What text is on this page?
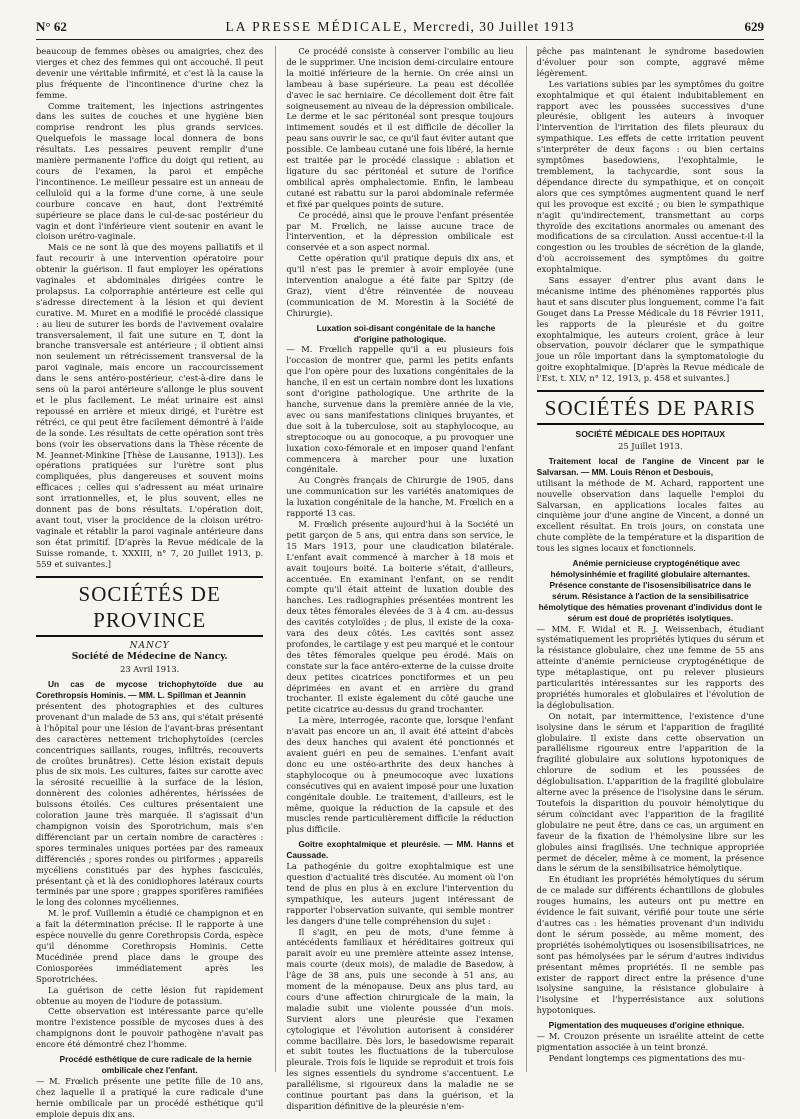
N° 62	LA PRESSE MÉDICALE, Mercredi, 30 Juillet 1913	629

beaucoup de femmes obèses ou amaigries, chez des vierges et chez des femmes qui ont accouché. Il peut devenir une véritable infirmité, et c'est là la cause la plus fréquente de l'incontinence d'urine chez la femme.

Comme traitement, les injections astringentes dans les suites de couches et une hygiène bien comprise rendront les plus grands services. Quelquefois le massage local donnera de bons résultats. Les pessaires peuvent remplir d'une manière permanente l'office du doigt qui retient, au cours de l'examen, la paroi et empêche l'incontinence. Le meilleur pessaire est un anneau de celluloïd qui a la forme d'une corne, à une seule courbure concave en haut, dont l'extrémité supérieure se place dans le cul-de-sac postérieur du vagin et dont l'inférieure vient soutenir en avant le cloison urétro-vaginale.

Mais ce ne sont là que des moyens palliatifs et il faut recourir à une intervention opératoire pour obtenir la guérison. Il faut employer les opérations vaginales et abdominales dirigées contre le prolapsus. La colporraphie antérieure est celle qui s'adresse directement à la lésion et qui devient curative. M. Muret en a modifié le procédé classique : au lieu de suturer les bords de l'avivement ovalaire transversalement, il fait une suture en T, dont la branche transversale est antérieure ; il obtient ainsi non seulement un rétrécissement transversal de la paroi vaginale, mais encore un raccourcissement dans le sens antéro-postérieur, c'est-à-dire dans le sens où la paroi antérieure s'allonge le plus souvent et le plus facilement. Le méat urinaire est ainsi repoussé en arrière et mieux dirigé, et l'urètre est rétréci, ce qui peut être facilement démontré à l'aide de la sonde. Les résultats de cette opération sont très bons (voir les observations dans la Thèse récente de M. Jeannet-Minkine [Thèse de Lausanne, 1913]). Les opérations pratiquées sur l'urètre sont plus compliquées, plus dangereuses et souvent moins efficaces ; celles qui s'adressent au méat urinaire sont irrationnelles, et, le plus souvent, elles ne donnent pas de bons résultats. L'opération doit, avant tout, viser la procidence de la cloison urétro-vaginale et rétablir la paroi vaginale antérieure dans son état primitif. [D'après la Revue médicale de la Suisse romande, t. XXXIII, n° 7, 20 Juillet 1913, p. 559 et suivantes.]

SOCIÉTÉS DE PROVINCE
NANCY
Société de Médecine de Nancy.
23 Avril 1913.

Un cas de mycose trichophytoïde due au Corethropsis Hominis. — MM. L. Spillman et Jeannin

présentent des photographies et des cultures provenant d'un malade de 53 ans, qui s'était présenté à l'hôpital pour une lésion de l'avant-bras présentant des caractères nettement trichophytoïdes (cercles concentriques saillants, rouges, infiltrés, recouverts de croûtes brunâtres). Cette lésion existait depuis plus de six mois. Les cultures, faites sur carotte avec la sérosité recueillie à la surface de la lésion, donnèrent des colonies adhérentes, hérissées de buissons étoilés. Ces cultures présentaient une coloration jaune très marquée. Il s'agissait d'un champignon voisin des Sporotrichum, mais s'en différenciant par un certain nombre de caractères : spores terminales uniques portées par des rameaux différenciés ; spores rondes ou piriformes ; appareils mycéliens constitués par des hyphes fasciculés, présentant çà et là des conidiophores latéraux courts terminés par une spore ; grappes sporifères ramifiées le long des colonnes mycéliennes.

M. le prof. Vuillemin a étudié ce champignon et en a fait la détermination précise. Il le rapporte à une espèce nouvelle du genre Corethropsis Corda, espèce qu'il dénomme Corethropsis Hominis. Cette Mucédinée prend place dans le groupe des Coniosporées immédiatement après les Sporotrichées.

La guérison de cette lésion fut rapidement obtenue au moyen de l'iodure de potassium.

Cette observation est intéressante parce qu'elle montre l'existence possible de mycoses dues à des champignons dont le pouvoir pathogène n'avait pas encore été démontré chez l'homme.

Procédé esthétique de cure radicale de la hernie ombilicale chez l'enfant.

— M. Frœlich présente une petite fille de 10 ans, chez laquelle il a pratiqué la cure radicale d'une hernie ombilicale par un procédé esthétique qu'il emploie depuis dix ans.

Ce procédé consiste à conserver l'ombilic au lieu de le supprimer. Une incision demi-circulaire entoure la moitié inférieure de la hernie. On crée ainsi un lambeau à base supérieure. La peau est décollée d'avec le sac herniaire. Ce décollement doit être fait soigneusement au niveau de la dépression ombilicale. Le derme et le sac péritonéal sont presque toujours intimement soudés et il est difficile de décoller la peau sans ouvrir le sac, ce qu'il faut éviter autant que possible. Ce lambeau cutané une fois libéré, la hernie est traitée par le procédé classique : ablation et ligature du sac péritonéal et suture de l'orifice ombilical après omphalectomie. Enfin, le lambeau cutané est rabattu sur la paroi abdominale refermée et fixé par quelques points de suture.

Ce procédé, ainsi que le prouve l'enfant présentée par M. Frœlich, ne laisse aucune trace de l'intervention, et la dépression ombilicale est conservée et a son aspect normal.

Cette opération qu'il pratique depuis dix ans, et qu'il n'est pas le premier à avoir employée (une intervention analogue a été faite par Spitzy (de Graz), vient d'être réinventée de nouveau (communication de M. Morestin à la Société de Chirurgie).

Luxation soi-disant congénitale de la hanche d'origine pathologique.

— M. Frœlich rappelle qu'il a eu plusieurs fois l'occasion de montrer que, parmi les petits enfants que l'on opère pour des luxations congénitales de la hanche, il en est un certain nombre dont les luxations sont d'origine pathologique. Une arthrite de la hanche, survenue dans la première année de la vie, avec ou sans manifestations cliniques bruyantes, et due soit à la tuberculose, soit au staphylocoque, au streptocoque ou au gonocoque, a pu provoquer une luxation coxo-fémorale et en imposer quand l'enfant commencera à marcher pour une luxation congénitale.

Au Congrès français de Chirurgie de 1905, dans une communication sur les variétés anatomiques de la luxation congénitale de la hanche, M. Frœlich en a rapporté 13 cas.

M. Frœlich présente aujourd'hui à la Société un petit garçon de 5 ans, qui entra dans son service, le 15 Mars 1913, pour une claudication bilatérale. L'enfant avait commencé à marcher à 18 mois et avait toujours boité. La boiterie s'était, d'ailleurs, accentuée. En examinant l'enfant, on se rendit compte qu'il était atteint de luxation double des hanches. Les radiographies présentées montrent les deux têtes fémorales élevées de 3 à 4 cm. au-dessus des cavités cotyloïdes ; de plus, il existe de la coxa-vara des deux côtés. Les cavités sont assez profondes, le cartilage y est peu marqué et le contour des têtes fémorales quelque peu érodé. Mais on constate sur la face antéro-externe de la cuisse droite deux petites cicatrices ponctiformes et un peu déprimées en avant et en arrière du grand trochanter. Il existe également du côté gauche une petite cicatrice au-dessus du grand trochanter.

La mère, interrogée, raconte que, lorsque l'enfant n'avait pas encore un an, il avait été atteint d'abcès des deux hanches qui avaient été ponctionnés et avaient guéri en peu de semaines. L'enfant avait donc eu une ostéo-arthrite des deux hanches à staphylocoque ou à pneumocoque avec luxations consécutives qui en avaient imposé pour une luxation congénitale double. Le traitement, d'ailleurs, est le même, quoique la réduction de la capsule et des muscles rende particulièrement difficile la réduction plus difficile.

Goitre exophtalmique et pleurésie. — MM. Hanns et Caussade.

La pathogénie du goitre exophtalmique est une question d'actualité très discutée. Au moment où l'on tend de plus en plus à en exclure l'intervention du sympathique, les auteurs jugent intéressant de rapporter l'observation suivante, qui semble montrer les dangers d'une telle compréhension du sujet :

Il s'agit, en peu de mots, d'une femme à antécédents familiaux et héréditaires goitreux qui parait avoir eu une première atteinte assez intense, mais courte (deux mois), de maladie de Basedow, à l'âge de 38 ans, puis une seconde à 51 ans, au moment de la ménopause. Deux ans plus tard, au cours d'une affection chirurgicale de la main, la maladie subit une violente poussée d'un mois. Survient alors une pleurésie que l'examen cytologique et l'évolution autorisent à considérer comme bacillaire. Dès lors, le basedowisme reparait et subit toutes les fluctuations de la tuberculose pleurale. Trois fois le liquide se reproduit et trois fois les signes essentiels du syndrome s'accentuent. Le parallélisme, si rigoureux dans la maladie ne se continue pourtant pas dans la guérison, et la disparition définitive de la pleurésie n'em-

pêche pas maintenant le syndrome basedowien d'évoluer pour son compte, aggravé même légèrement.

Les variations subies par les symptômes du goitre exophtalmique et qui étaient indubitablement en rapport avec les poussées successives d'une pleurésie, obligent les auteurs à invoquer l'intervention de l'irritation des filets pleuraux du sympathique. Les effets de cette irritation peuvent s'interpréter de deux façons : ou bien certains symptômes basedowiens, l'exophtalmie, le tremblement, la tachycardie, sont sous la dépendance directe du sympathique, et on conçoit alors que ces symptômes augmentent quand le nerf qui les provoque est excité ; ou bien le sympathique n'agit qu'indirectement, transmettant au corps thyroïde des excitations anormales ou amenant des modifications de sa circulation. Aussi accentue-t-il la congestion ou les troubles de sécrétion de la glande, d'où accroissement des symptômes du goitre exophtalmique.

Sans essayer d'entrer plus avant dans le mécanisme intime des phénomènes rapportés plus haut et sans discuter plus longuement, comme l'a fait Gouget dans La Presse Médicale du 18 Février 1911, les rapports de la pleurésie et du goitre exophtalmique, les auteurs croient, grâce à leur observation, pouvoir déclarer que le sympathique joue un rôle important dans la symptomatologie du goitre exophtalmique. [D'après la Revue médicale de l'Est, t. XLV, n° 12, 1913, p. 458 et suivantes.]

SOCIÉTÉS DE PARIS
SOCIÉTÉ MÉDICALE DES HOPITAUX
25 Juillet 1913.

Traitement local de l'angine de Vincent par le Salvarsan. — MM. Louis Rénon et Desbouis,

utilisant la méthode de M. Achard, rapportent une nouvelle observation dans laquelle l'emploi du Salvarsan, en applications locales faites au cinquième jour d'une angine de Vincent, a donné un excellent résultat. En trois jours, on constata une chute complète de la température et la disparition de tous les signes locaux et fonctionnels.

Anémie pernicieuse cryptogénétique avec hémolysinhémie et fragilité globulaire alternantes. Présence constante de l'isosensibilisatrice dans le sérum. Résistance à l'action de la sensibilisatrice hémolytique des hématies provenant d'individus dont le sérum est doué de propriétés isolytiques.

— MM. F. Widal et R. J. Weissenbach, étudiant systématiquement les propriétés lytiques du sérum et la résistance globulaire, chez une femme de 55 ans atteinte d'anémie pernicieuse cryptogénétique de type métaplastique, ont pu relever plusieurs particularités intéressantes sur les rapports des propriétés humorales et globulaires et l'évolution de la déglobulisation.

On notait, par intermittence, l'existence d'une isolysine dans le sérum et l'apparition de fragilité globulaire. Il existe dans cette observation un parallélisme rigoureux entre l'apparition de la fragilité globulaire aux solutions hypotoniques de chlorure de sodium et les poussées de déglobulisation. L'apparition de la fragilité globulaire alterne avec la présence de l'isolysine dans le sérum. Toutefois la disparition du pouvoir hémolytique du sérum coïncidant avec l'apparition de la fragilité globulaire ne peut être, dans ce cas, un argument en faveur de la fixation de l'hémolysine libre sur les globules ainsi fragilisés. Une technique appropriée permet de déceler, même à ce moment, la présence dans le sérum de la sensibilisatrice hémolytique.

En étudiant les propriétés hémolytiques du sérum de ce malade sur différents échantillons de globules rouges humains, les auteurs ont pu mettre en évidence le fait suivant, vérifié pour toute une série d'autres cas : les hématies provenant d'un individu dont le sérum possède, au même moment, des propriétés isohémolytiques ou isosensibilisatrices, ne sont pas hémolysées par le sérum d'autres individus présentant mêmes propriétés. Il ne semble pas exister de rapport direct entre la présence d'une isolysine sanguine, la résistance globulaire à l'isolysine et l'hyperrésistance aux solutions hypotoniques.

Pigmentation des muqueuses d'origine ethnique.

— M. Crouzon présente un israélite atteint de cette pigmentation associée à un teint bronzé.

Pendant longtemps ces pigmentations des mu-
